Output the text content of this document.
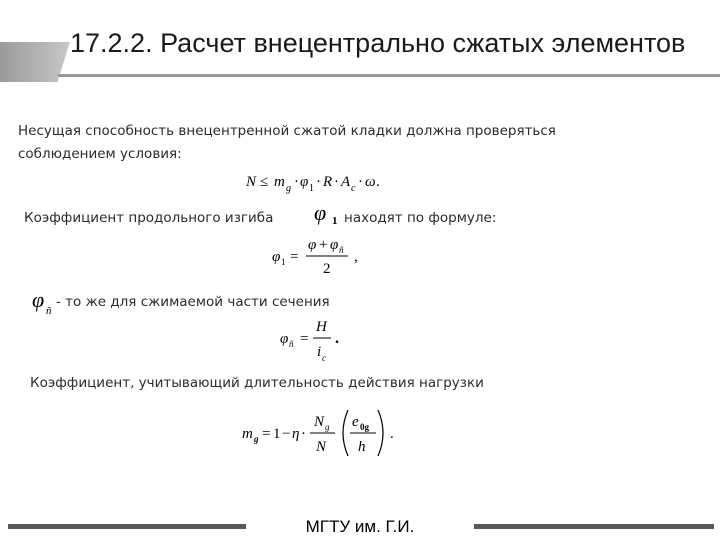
17.2.2. Расчет внецентрально сжатых элементов
Несущая способность внецентренной сжатой кладки должна проверяться
соблюдением условия:
N ≤ m g · φ 1 · R · A c · ω .
Коэффициент продольного изгиба φ 1 находят по формуле:
φ 1 =
φ + φ ñ
2
,
φ ñ
- то же для сжимаемой части сечения
φ ñ =
H
i c
.
Коэффициент, учитывающий длительность действия нагрузки
m g = 1 − η ·
N g
N
e 0g
h
.
МГТУ им. Г.И.
